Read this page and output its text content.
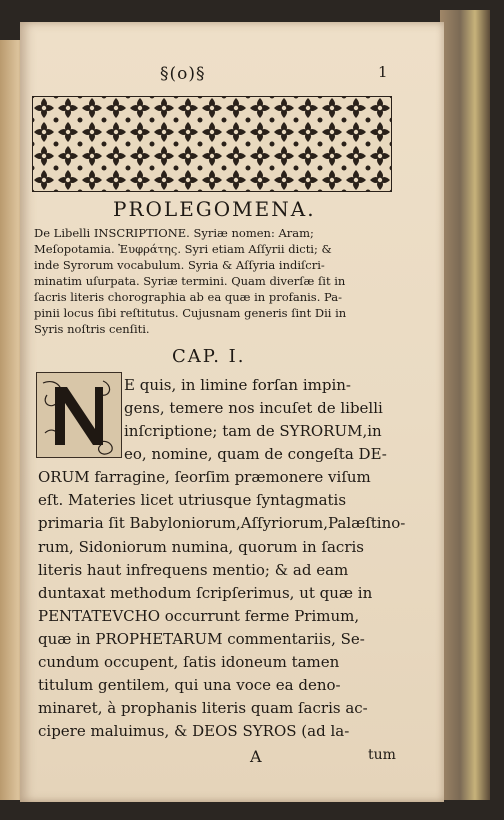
§(o)§	1
PROLEGOMENA.
De Libelli INSCRIPTIONE. Syriæ nomen: Aram;
Meſopotamia. Ἐυφράτης. Syri etiam Aſſyrii dicti; &
inde Syrorum vocabulum. Syria & Aſſyria indiſcri-
minatim uſurpata. Syriæ termini. Quam diverſæ ſit in
ſacris literis chorographia ab ea quæ in profanis. Pa-
pinii locus ſibi reſtitutus. Cujusnam generis ſint Dii in
Syris noſtris cenſiti.
CAP. I.
E quis, in limine forſan impin-
gens, temere nos incuſet de libelli
inſcriptione; tam de SYRORUM,in
eo, nomine, quam de congeſta DE-
ORUM farragine, ſeorſim præmonere viſum
eſt. Materies licet utriusque ſyntagmatis
primaria ſit Babyloniorum,Aſſyriorum,Palæſtino-
rum, Sidoniorum numina, quorum in ſacris
literis haut infrequens mentio; & ad eam
duntaxat methodum ſcripſerimus, ut quæ in
PENTATEVCHO occurrunt ferme Primum,
quæ in PROPHETARUM commentariis, Se-
cundum occupent, ſatis idoneum tamen
titulum gentilem, qui una voce ea deno-
minaret, à prophanis literis quam ſacris ac-
cipere maluimus, & DEOS SYROS (ad la-
A	tum
